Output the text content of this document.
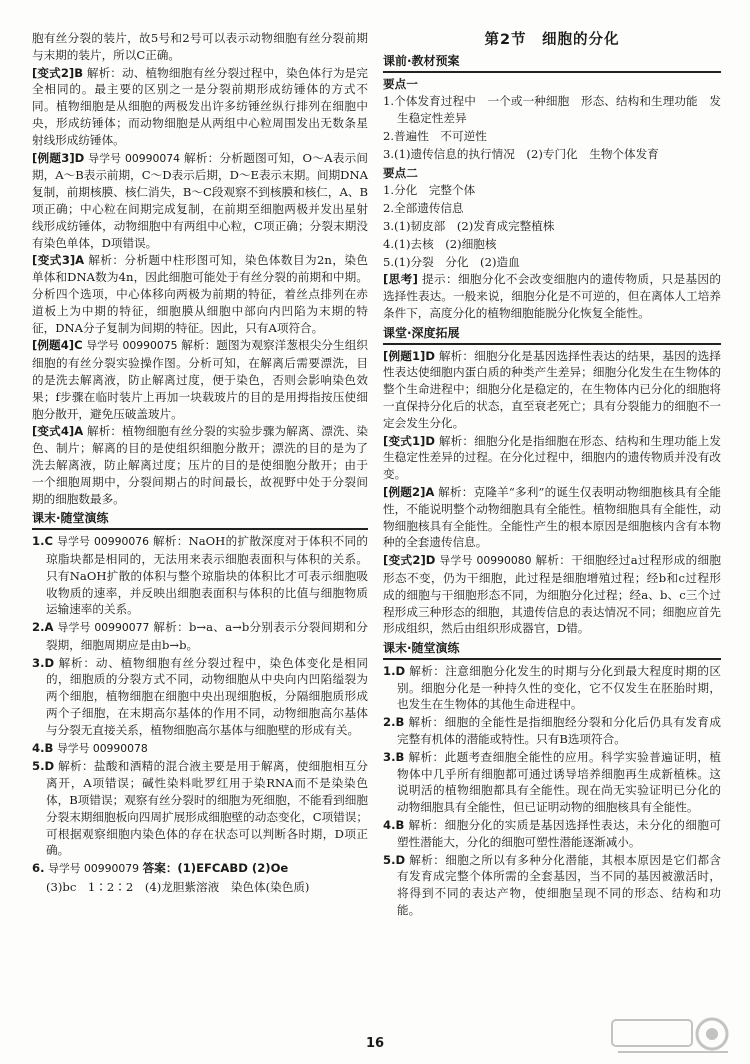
胞有丝分裂的装片，故5号和2号可以表示动物细胞有丝分裂前期与末期的装片，所以C正确。

[变式2]B 解析：动、植物细胞有丝分裂过程中，染色体行为是完全相同的。最主要的区别之一是分裂前期形成纺锤体的方式不同。植物细胞是从细胞的两极发出许多纺锤丝纵行排列在细胞中央，形成纺锤体；而动物细胞是从两组中心粒周围发出无数条星射线形成纺锤体。

[例题3]D 导学号 00990074 解析：分析题图可知，O～A表示间期，A～B表示前期，C～D表示后期，D～E表示末期。间期DNA复制，前期核膜、核仁消失，B～C段观察不到核膜和核仁，A、B项正确；中心粒在间期完成复制，在前期至细胞两极并发出星射线形成纺锤体，动物细胞中有两组中心粒，C项正确；分裂末期没有染色单体，D项错误。

[变式3]A 解析：分析题中柱形图可知，染色体数目为2n，染色单体和DNA数为4n，因此细胞可能处于有丝分裂的前期和中期。分析四个选项，中心体移向两极为前期的特征，着丝点排列在赤道板上为中期的特征，细胞膜从细胞中部向内凹陷为末期的特征，DNA分子复制为间期的特征。因此，只有A项符合。

[例题4]C 导学号 00990075 解析：题图为观察洋葱根尖分生组织细胞的有丝分裂实验操作图。分析可知，在解离后需要漂洗，目的是洗去解离液，防止解离过度，便于染色，否则会影响染色效果；f步骤在临时装片上再加一块载玻片的目的是用拇指按压使细胞分散开，避免压破盖玻片。

[变式4]A 解析：植物细胞有丝分裂的实验步骤为解离、漂洗、染色、制片；解离的目的是使组织细胞分散开；漂洗的目的是为了洗去解离液，防止解离过度；压片的目的是使细胞分散开；由于一个细胞周期中，分裂间期占的时间最长，故视野中处于分裂间期的细胞数最多。

课末·随堂演练

1.C 导学号 00990076 解析：NaOH的扩散深度对于体积不同的琼脂块都是相同的，无法用来表示细胞表面积与体积的关系。只有NaOH扩散的体积与整个琼脂块的体积比才可表示细胞吸收物质的速率，并反映出细胞表面积与体积的比值与细胞物质运输速率的关系。

2.A 导学号 00990077 解析：b→a、a→b分别表示分裂间期和分裂期，细胞周期应是由b→b。

3.D 解析：动、植物细胞有丝分裂过程中，染色体变化是相同的，细胞质的分裂方式不同，动物细胞从中央向内凹陷缢裂为两个细胞，植物细胞在细胞中央出现细胞板，分隔细胞质形成两个子细胞，在末期高尔基体的作用不同，动物细胞高尔基体与分裂无直接关系，植物细胞高尔基体与细胞壁的形成有关。

4.B 导学号 00990078

5.D 解析：盐酸和酒精的混合液主要是用于解离，使细胞相互分离开，A项错误；碱性染料吡罗红用于染RNA而不是染染色体，B项错误；观察有丝分裂时的细胞为死细胞，不能看到细胞分裂末期细胞板向四周扩展形成细胞壁的动态变化，C项错误；可根据观察细胞内染色体的存在状态可以判断各时期，D项正确。

6. 导学号 00990079 答案：(1)EFCABD (2)Oe

(3)bc　1∶2∶2　(4)龙胆紫溶液　染色体(染色质)

第2节　细胞的分化
课前·教材预案
要点一

1.个体发育过程中　一个或一种细胞　形态、结构和生理功能　发生稳定性差异

2.普遍性　不可逆性

3.(1)遗传信息的执行情况　(2)专门化　生物个体发育

要点二

1.分化　完整个体

2.全部遗传信息

3.(1)韧皮部　(2)发育成完整植株

4.(1)去核　(2)细胞核

5.(1)分裂　分化　(2)造血

[思考] 提示：细胞分化不会改变细胞内的遗传物质，只是基因的选择性表达。一般来说，细胞分化是不可逆的，但在离体人工培养条件下，高度分化的植物细胞能脱分化恢复全能性。

课堂·深度拓展

[例题1]D 解析：细胞分化是基因选择性表达的结果，基因的选择性表达使细胞内蛋白质的种类产生差异；细胞分化发生在生物体的整个生命进程中；细胞分化是稳定的，在生物体内已分化的细胞将一直保持分化后的状态，直至衰老死亡；具有分裂能力的细胞不一定会发生分化。

[变式1]D 解析：细胞分化是指细胞在形态、结构和生理功能上发生稳定性差异的过程。在分化过程中，细胞内的遗传物质并没有改变。

[例题2]A 解析：克隆羊“多利”的诞生仅表明动物细胞核具有全能性，不能说明整个动物细胞具有全能性。植物细胞具有全能性，动物细胞核具有全能性。全能性产生的根本原因是细胞核内含有本物种的全套遗传信息。

[变式2]D 导学号 00990080 解析：干细胞经过a过程形成的细胞形态不变，仍为干细胞，此过程是细胞增殖过程；经b和c过程形成的细胞与干细胞形态不同，为细胞分化过程；经a、b、c三个过程形成三种形态的细胞，其遗传信息的表达情况不同；细胞应首先形成组织，然后由组织形成器官，D错。

课末·随堂演练

1.D 解析：注意细胞分化发生的时期与分化到最大程度时期的区别。细胞分化是一种持久性的变化，它不仅发生在胚胎时期，也发生在生物体的其他生命进程中。

2.B 解析：细胞的全能性是指细胞经分裂和分化后仍具有发育成完整有机体的潜能或特性。只有B选项符合。

3.B 解析：此题考查细胞全能性的应用。科学实验普遍证明，植物体中几乎所有细胞都可通过诱导培养细胞再生成新植株。这说明活的植物细胞都具有全能性。现在尚无实验证明已分化的动物细胞具有全能性，但已证明动物的细胞核具有全能性。

4.B 解析：细胞分化的实质是基因选择性表达，未分化的细胞可塑性潜能大，分化的细胞可塑性潜能逐渐减小。

5.D 解析：细胞之所以有多种分化潜能，其根本原因是它们都含有发育成完整个体所需的全套基因，当不同的基因被激活时，将得到不同的表达产物，使细胞呈现不同的形态、结构和功能。

16
